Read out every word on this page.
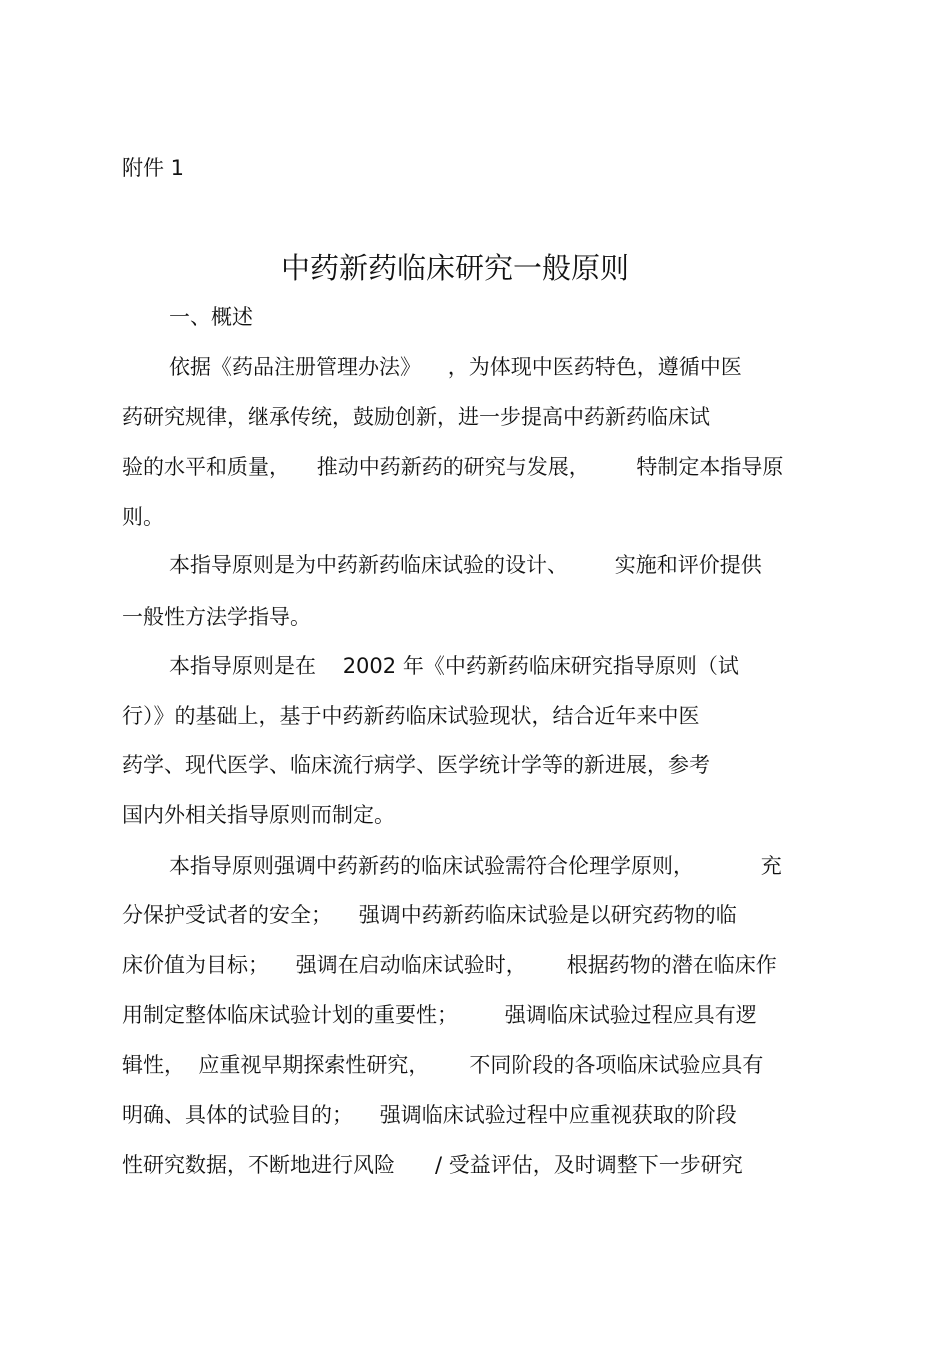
附件 1
中药新药临床研究一般原则
一、概述
依据《药品注册管理办法》    ，为体现中医药特色，遵循中医
药研究规律，继承传统，鼓励创新，进一步提高中药新药临床试
验的水平和质量，    推动中药新药的研究与发展，       特制定本指导原
则。
本指导原则是为中药新药临床试验的设计、       实施和评价提供
一般性方法学指导。
本指导原则是在    2002 年《中药新药临床研究指导原则（试
行）》的基础上，基于中药新药临床试验现状，结合近年来中医
药学、现代医学、临床流行病学、医学统计学等的新进展，参考
国内外相关指导原则而制定。
本指导原则强调中药新药的临床试验需符合伦理学原则，          充
分保护受试者的安全；    强调中药新药临床试验是以研究药物的临
床价值为目标；    强调在启动临床试验时，      根据药物的潜在临床作
用制定整体临床试验计划的重要性；       强调临床试验过程应具有逻
辑性，  应重视早期探索性研究，      不同阶段的各项临床试验应具有
明确、具体的试验目的；    强调临床试验过程中应重视获取的阶段
性研究数据，不断地进行风险      / 受益评估，及时调整下一步研究
